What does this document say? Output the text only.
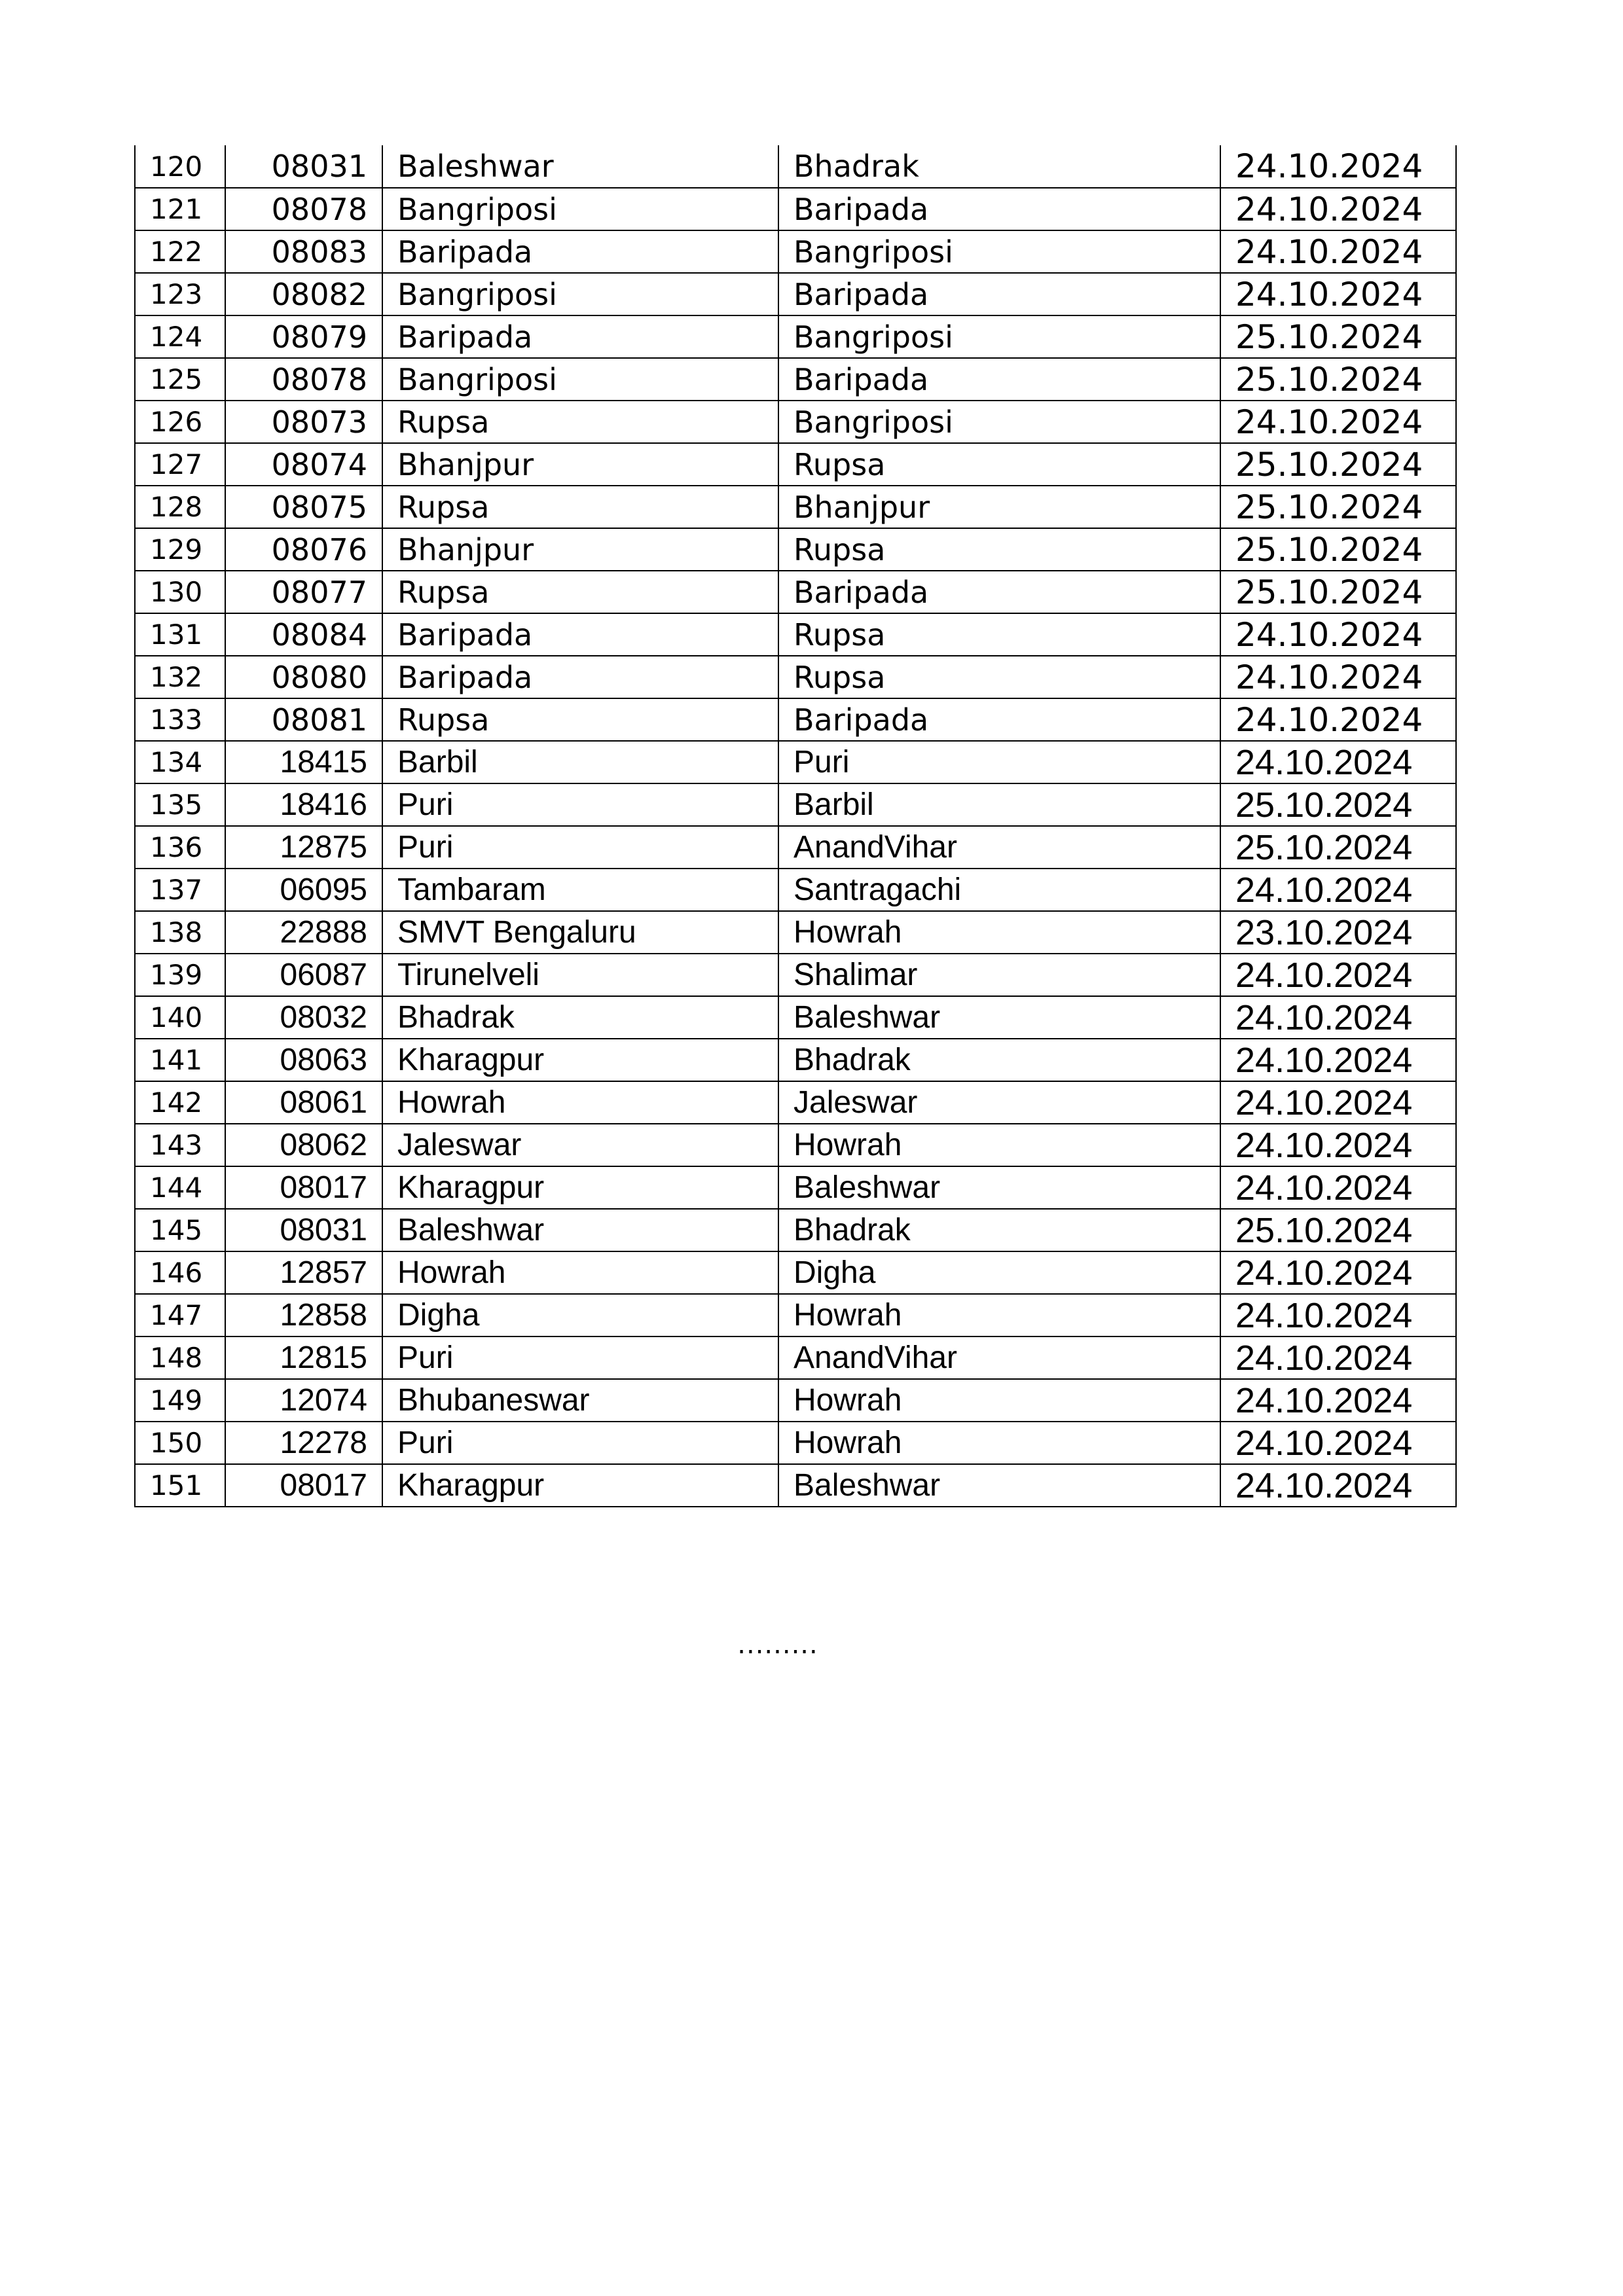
120	08031	Baleshwar	Bhadrak	24.10.2024
121	08078	Bangriposi	Baripada	24.10.2024
122	08083	Baripada	Bangriposi	24.10.2024
123	08082	Bangriposi	Baripada	24.10.2024
124	08079	Baripada	Bangriposi	25.10.2024
125	08078	Bangriposi	Baripada	25.10.2024
126	08073	Rupsa	Bangriposi	24.10.2024
127	08074	Bhanjpur	Rupsa	25.10.2024
128	08075	Rupsa	Bhanjpur	25.10.2024
129	08076	Bhanjpur	Rupsa	25.10.2024
130	08077	Rupsa	Baripada	25.10.2024
131	08084	Baripada	Rupsa	24.10.2024
132	08080	Baripada	Rupsa	24.10.2024
133	08081	Rupsa	Baripada	24.10.2024
134	18415	Barbil	Puri	24.10.2024
135	18416	Puri	Barbil	25.10.2024
136	12875	Puri	AnandVihar	25.10.2024
137	06095	Tambaram	Santragachi	24.10.2024
138	22888	SMVT Bengaluru	Howrah	23.10.2024
139	06087	Tirunelveli	Shalimar	24.10.2024
140	08032	Bhadrak	Baleshwar	24.10.2024
141	08063	Kharagpur	Bhadrak	24.10.2024
142	08061	Howrah	Jaleswar	24.10.2024
143	08062	Jaleswar	Howrah	24.10.2024
144	08017	Kharagpur	Baleshwar	24.10.2024
145	08031	Baleshwar	Bhadrak	25.10.2024
146	12857	Howrah	Digha	24.10.2024
147	12858	Digha	Howrah	24.10.2024
148	12815	Puri	AnandVihar	24.10.2024
149	12074	Bhubaneswar	Howrah	24.10.2024
150	12278	Puri	Howrah	24.10.2024
151	08017	Kharagpur	Baleshwar	24.10.2024
.........
